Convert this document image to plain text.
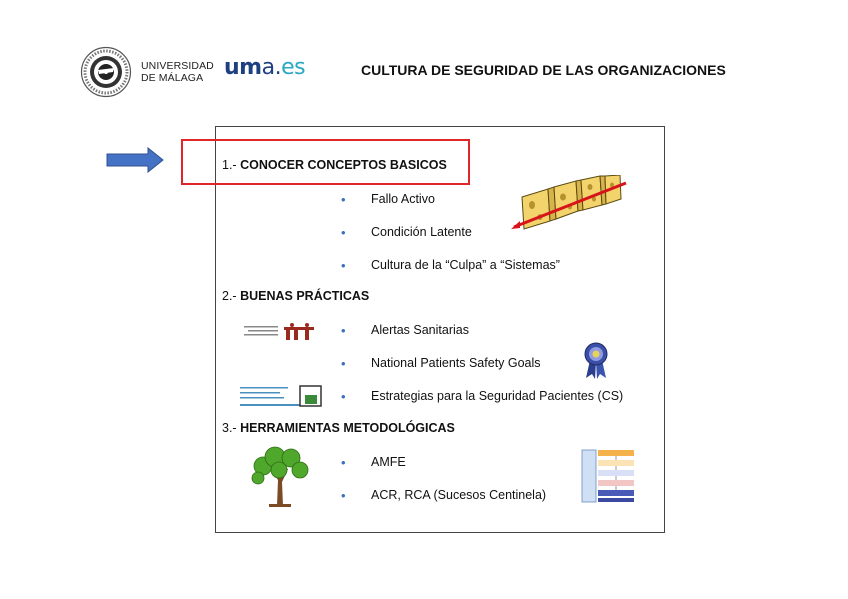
UNIVERSIDAD
DE MÁLAGA uma.es	CULTURA DE SEGURIDAD DE LAS ORGANIZACIONES
1.- CONOCER CONCEPTOS BASICOS
2.- BUENAS PRÁCTICAS
3.- HERRAMIENTAS METODOLÓGICAS
• Fallo Activo
• Condición Latente
• Cultura de la “Culpa” a “Sistemas”
• Alertas Sanitarias
• National Patients Safety Goals
• Estrategias para la Seguridad Pacientes (CS)
• AMFE
• ACR, RCA (Sucesos Centinela)
